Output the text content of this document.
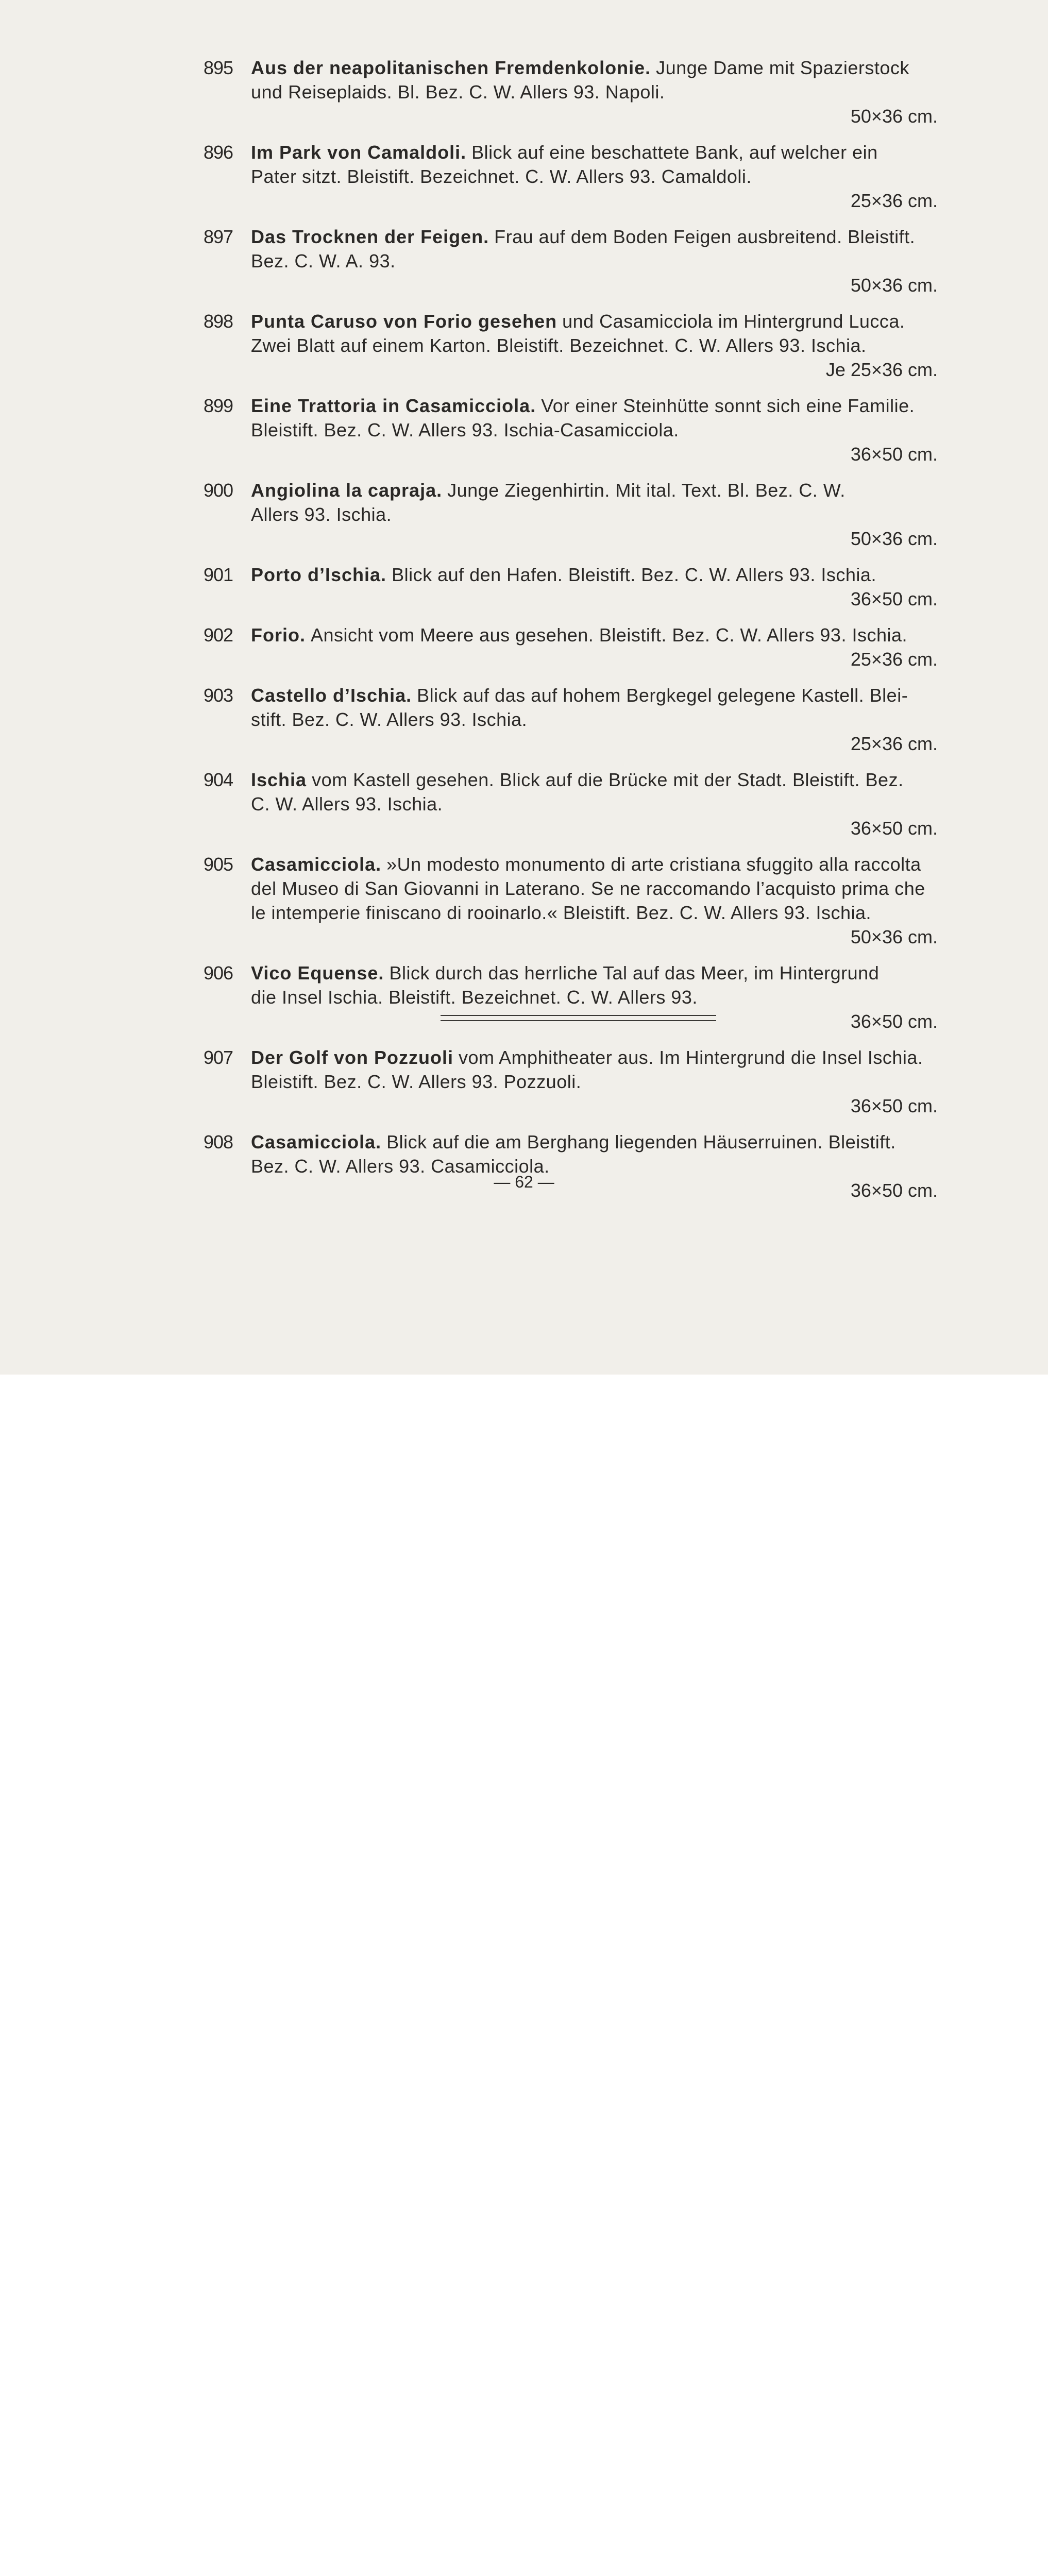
895 Aus der neapolitanischen Fremdenkolonie. Junge Dame mit Spazierstock
und Reiseplaids. Bl. Bez. C. W. Allers 93. Napoli.
50×36 cm.
896 Im Park von Camaldoli. Blick auf eine beschattete Bank, auf welcher ein
Pater sitzt. Bleistift. Bezeichnet. C. W. Allers 93. Camaldoli.
25×36 cm.
897 Das Trocknen der Feigen. Frau auf dem Boden Feigen ausbreitend. Bleistift.
Bez. C. W. A. 93.
50×36 cm.
898 Punta Caruso von Forio gesehen und Casamicciola im Hintergrund Lucca.
Zwei Blatt auf einem Karton. Bleistift. Bezeichnet. C. W. Allers 93. Ischia.
Je 25×36 cm.
899 Eine Trattoria in Casamicciola. Vor einer Steinhütte sonnt sich eine Familie.
Bleistift. Bez. C. W. Allers 93. Ischia-Casamicciola.
36×50 cm.
900 Angiolina la capraja. Junge Ziegenhirtin. Mit ital. Text. Bl. Bez. C. W.
Allers 93. Ischia.
50×36 cm.
901 Porto d’Ischia. Blick auf den Hafen. Bleistift. Bez. C. W. Allers 93. Ischia.
36×50 cm.
902 Forio. Ansicht vom Meere aus gesehen. Bleistift. Bez. C. W. Allers 93. Ischia.
25×36 cm.
903 Castello d’Ischia. Blick auf das auf hohem Bergkegel gelegene Kastell. Blei-
stift. Bez. C. W. Allers 93. Ischia.
25×36 cm.
904 Ischia vom Kastell gesehen. Blick auf die Brücke mit der Stadt. Bleistift. Bez.
C. W. Allers 93. Ischia.
36×50 cm.
905 Casamicciola. »Un modesto monumento di arte cristiana sfuggito alla raccolta
del Museo di San Giovanni in Laterano. Se ne raccomando l’acquisto prima che
le intemperie finiscano di rooinarlo.« Bleistift. Bez. C. W. Allers 93. Ischia.
50×36 cm.
906 Vico Equense. Blick durch das herrliche Tal auf das Meer, im Hintergrund
die Insel Ischia. Bleistift. Bezeichnet. C. W. Allers 93.
36×50 cm.
907 Der Golf von Pozzuoli vom Amphitheater aus. Im Hintergrund die Insel Ischia.
Bleistift. Bez. C. W. Allers 93. Pozzuoli.
36×50 cm.
908 Casamicciola. Blick auf die am Berghang liegenden Häuserruinen. Bleistift.
Bez. C. W. Allers 93. Casamicciola.
36×50 cm.
— 62 —
